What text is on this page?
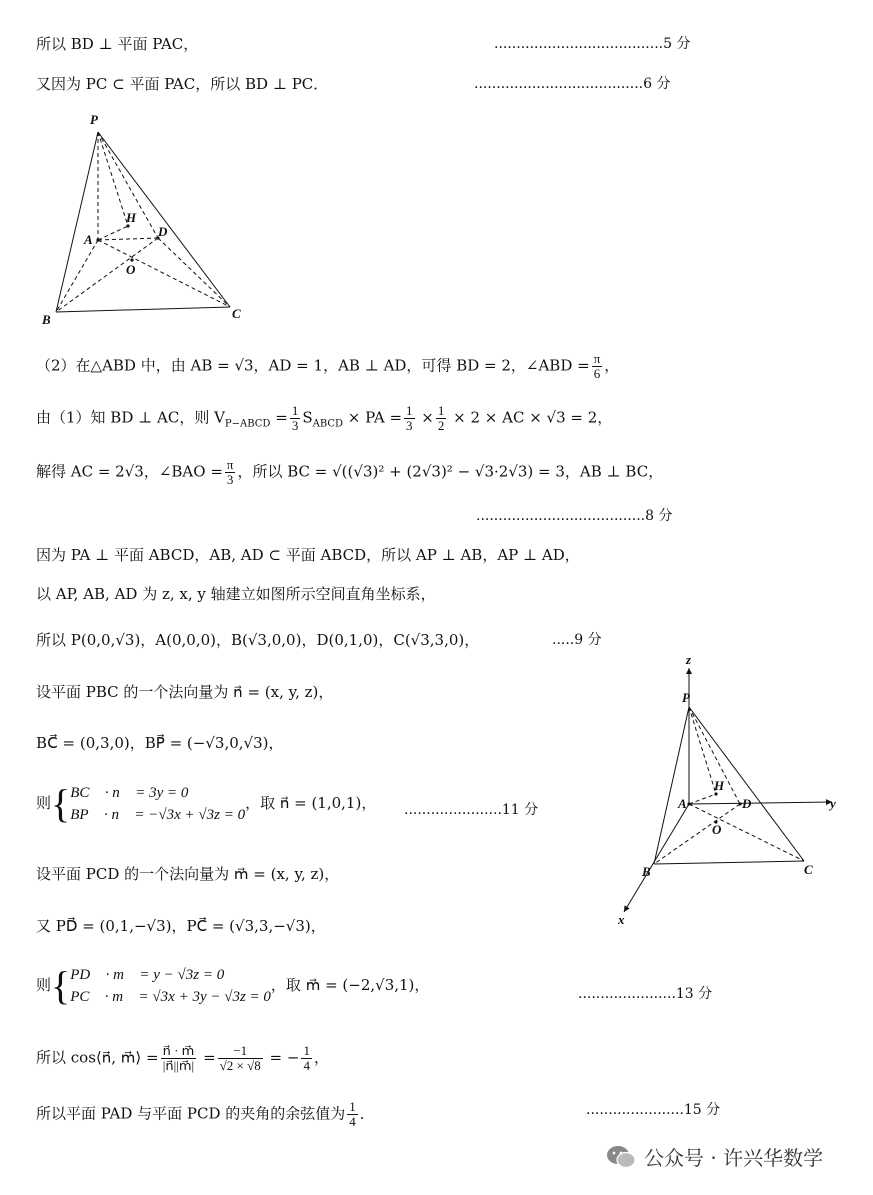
所以 BD ⊥ 平面 PAC，	......................................5 分
又因为 PC ⊂ 平面 PAC，所以 BD ⊥ PC．	......................................6 分
P
A
H
D
O
B	C
（2）在△ABD 中，由 AB = √3，AD = 1，AB ⊥ AD，可得 BD = 2，∠ABD = $\frac{\pi}{6}$ ，
由（1）知 BD ⊥ AC，则 $V_{P-ABCD} = \frac{1}{3} S_{ABCD}$ × PA = $\frac{1}{3} \times \frac{1}{2} \times 2$ × AC × √3 = 2，
解得 AC = 2√3，∠BAO = $\frac{\pi}{3}$ ，所以 BC = √((√3)² + (2√3)² − √3·2√3) = 3，AB ⊥ BC，
......................................8 分
因为 PA ⊥ 平面 ABCD，AB, AD ⊂ 平面 ABCD，所以 AP ⊥ AB，AP ⊥ AD，
以 AP, AB, AD 为 z, x, y 轴建立如图所示空间直角坐标系，
所以 P(0,0,√3)，A(0,0,0)，B(√3,0,0)，D(0,1,0)，C(√3,3,0)，	.....9 分
设平面 PBC 的一个法向量为 n⃗ = (x, y, z)，
BC⃗ = (0,3,0)，BP⃗ = (−√3,0,√3)，
则{ BC⃗ · n⃗ = 3y = 0
BP⃗ · n⃗ = −√3x + √3z = 0
，取 n⃗ = (1,0,1)， ......................11 分
设平面 PCD 的一个法向量为 m⃗ = (x, y, z)，
又 PD⃗ = (0,1,−√3)，PC⃗ = (√3,3,−√3)，
则{ PD⃗ · m⃗ = y − √3z = 0
PC⃗ · m⃗ = √3x + 3y − √3z = 0
，取 m⃗ = (−2,√3,1)，	......................13 分
所以 cos⟨n⃗, m⃗⟩ = $\frac{n⃗ \cdot m⃗}{|n⃗||m⃗|} = \frac{-1}{√2 \times √8}$ = − $\frac{1}{4}$ ，
所以平面 PAD 与平面 PCD 的夹角的余弦值为 $\frac{1}{4}$ ．	......................15 分
z
y
x
P
A
H
D
O
B	C
公众号 · 许兴华数学
